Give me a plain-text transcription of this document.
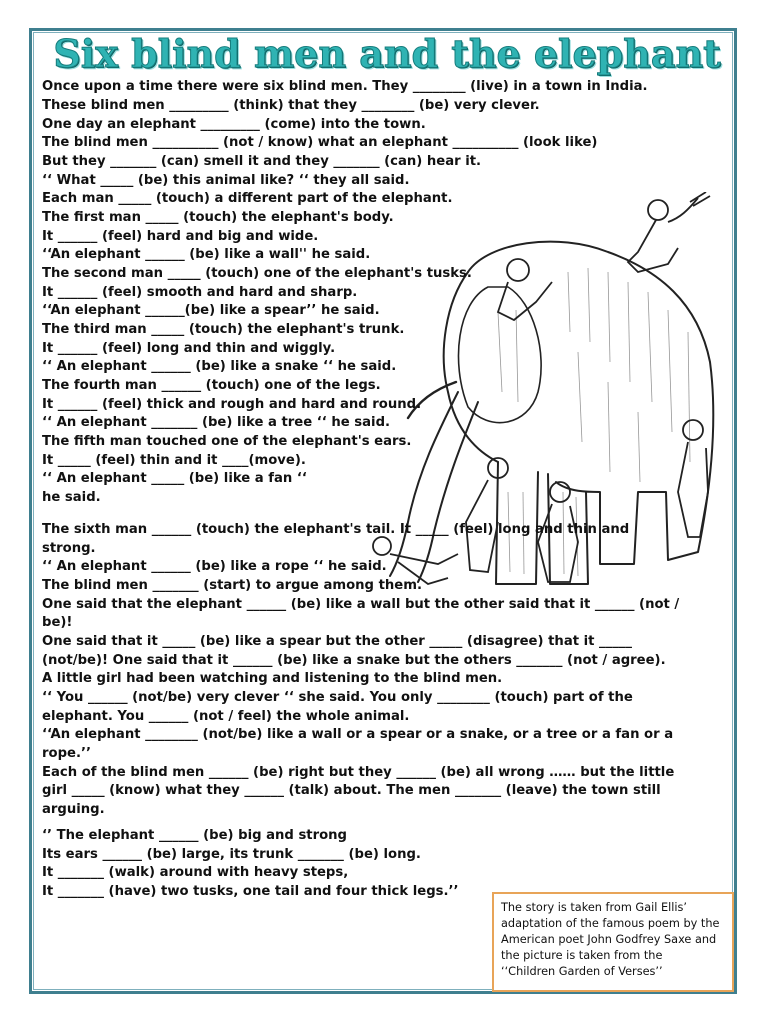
Six blind men and the elephant
Once upon a time there were six blind men. They ________ (live) in a town in India.
These blind men _________ (think) that they ________ (be) very clever.
One day an elephant _________ (come) into the town.
The blind men __________ (not / know) what an elephant __________ (look like)
But they _______ (can) smell it and they _______ (can) hear it.
‘‘ What _____ (be) this animal like? ‘‘ they all said.
Each man _____ (touch) a different part of the elephant.
The first man _____ (touch) the elephant's body.
It ______ (feel) hard and big and wide.
‘‘An elephant ______ (be) like a wall'' he said.
The second man _____ (touch) one of the elephant's tusks.
It ______ (feel) smooth and hard and sharp.
‘‘An elephant ______(be) like a spear’’ he said.
The third man _____ (touch) the elephant's trunk.
It ______ (feel) long and thin and wiggly.
‘‘ An elephant ______ (be) like a snake ‘‘ he said.
The fourth man ______ (touch) one of the legs.
It ______ (feel) thick and rough and hard and round.
‘‘ An elephant _______ (be) like a tree ‘‘ he said.
The fifth man touched one of the elephant's ears.
It _____ (feel) thin and it ____(move).
‘‘ An elephant _____ (be) like a fan ‘‘
he said.
The sixth man ______ (touch) the elephant's tail. It _____ (feel) long and thin and
strong.
‘‘ An elephant ______ (be) like a rope ‘‘ he said.
The blind men _______ (start) to argue among them.
One said that the elephant ______ (be) like a wall but the other said that it ______ (not /
be)!
One said that it _____ (be) like a spear but the other _____ (disagree) that it _____
(not/be)! One said that it ______ (be) like a snake but the others _______ (not / agree).
A little girl had been watching and listening to the blind men.
‘‘ You ______ (not/be) very clever ‘‘ she said. You only ________ (touch) part of the
elephant. You ______ (not / feel) the whole animal.
‘‘An elephant ________ (not/be) like a wall or a spear or a snake, or a tree or a fan or a
rope.’’
Each of the blind men ______ (be) right but they ______ (be) all wrong …… but the little
girl _____ (know) what they ______ (talk) about. The men _______ (leave) the town still
arguing.
‘’ The elephant ______ (be) big and strong
Its ears ______ (be) large, its trunk _______ (be) long.
It _______ (walk) around with heavy steps,
It _______ (have) two tusks, one tail and four thick legs.’’

The story is taken from Gail Ellis’

adaptation of the famous poem by the

American poet John Godfrey Saxe and

the picture is taken from the

‘‘Children Garden of Verses’’
